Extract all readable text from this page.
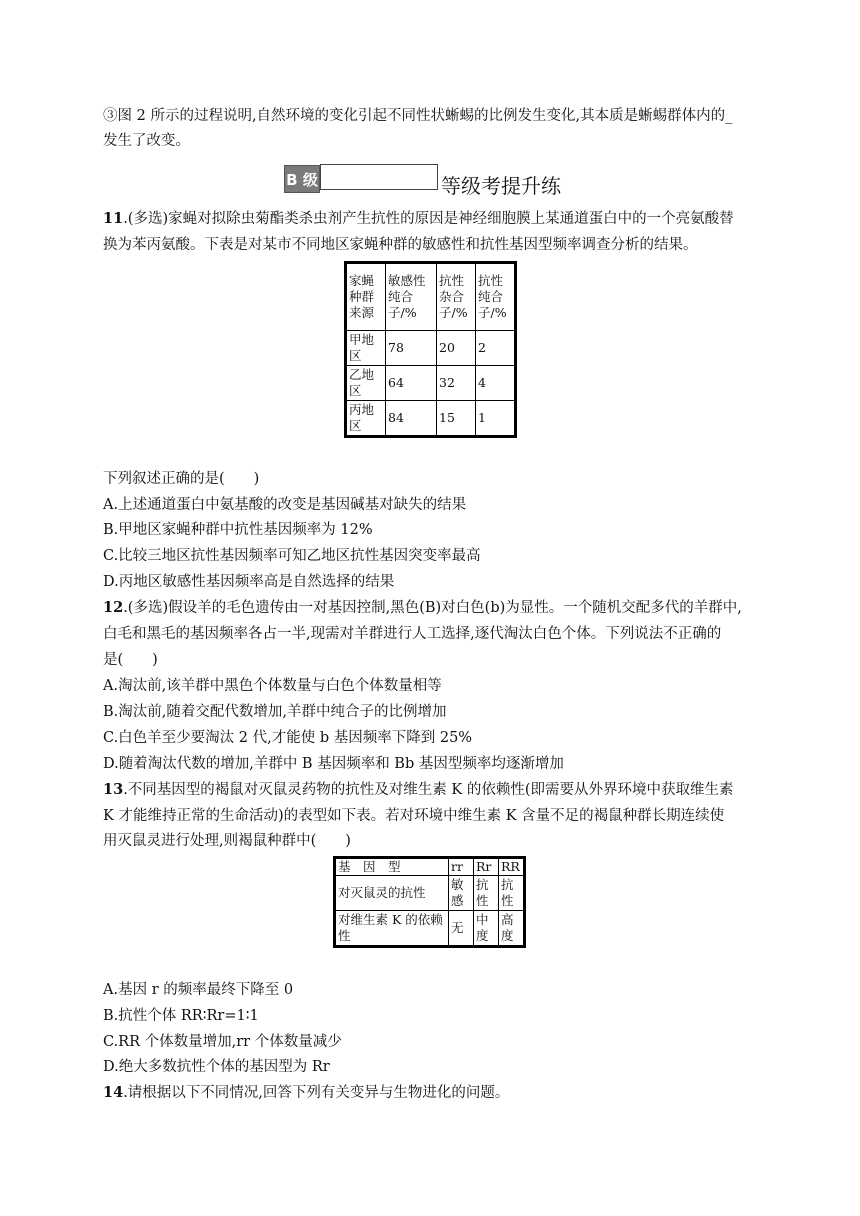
③图 2 所示的过程说明,自然环境的变化引起不同性状蜥蜴的比例发生变化,其本质是蜥蜴群体内的_
发生了改变。
B 级	等级考提升练
11.(多选)家蝇对拟除虫菊酯类杀虫剂产生抗性的原因是神经细胞膜上某通道蛋白中的一个亮氨酸替
换为苯丙氨酸。下表是对某市不同地区家蝇种群的敏感性和抗性基因型频率调查分析的结果。
家蝇种群来源	敏感性纯合子/%	抗性杂合子/%	抗性纯合子/%
甲地区	78	20	2
乙地区	64	32	4
丙地区	84	15	1
下列叙述正确的是(　　)
A.上述通道蛋白中氨基酸的改变是基因碱基对缺失的结果
B.甲地区家蝇种群中抗性基因频率为 12%
C.比较三地区抗性基因频率可知乙地区抗性基因突变率最高
D.丙地区敏感性基因频率高是自然选择的结果
12.(多选)假设羊的毛色遗传由一对基因控制,黑色(B)对白色(b)为显性。一个随机交配多代的羊群中,
白毛和黑毛的基因频率各占一半,现需对羊群进行人工选择,逐代淘汰白色个体。下列说法不正确的
是(　　)
A.淘汰前,该羊群中黑色个体数量与白色个体数量相等
B.淘汰前,随着交配代数增加,羊群中纯合子的比例增加
C.白色羊至少要淘汰 2 代,才能使 b 基因频率下降到 25%
D.随着淘汰代数的增加,羊群中 B 基因频率和 Bb 基因型频率均逐渐增加
13.不同基因型的褐鼠对灭鼠灵药物的抗性及对维生素 K 的依赖性(即需要从外界环境中获取维生素
K 才能维持正常的生命活动)的表型如下表。若对环境中维生素 K 含量不足的褐鼠种群长期连续使
用灭鼠灵进行处理,则褐鼠种群中(　　)
基　因　型	rr	Rr	RR
对灭鼠灵的抗性	敏感	抗性	抗性
对维生素 K 的依赖性	无	中度	高度
A.基因 r 的频率最终下降至 0
B.抗性个体 RR∶Rr=1∶1
C.RR 个体数量增加,rr 个体数量减少
D.绝大多数抗性个体的基因型为 Rr
14.请根据以下不同情况,回答下列有关变异与生物进化的问题。
